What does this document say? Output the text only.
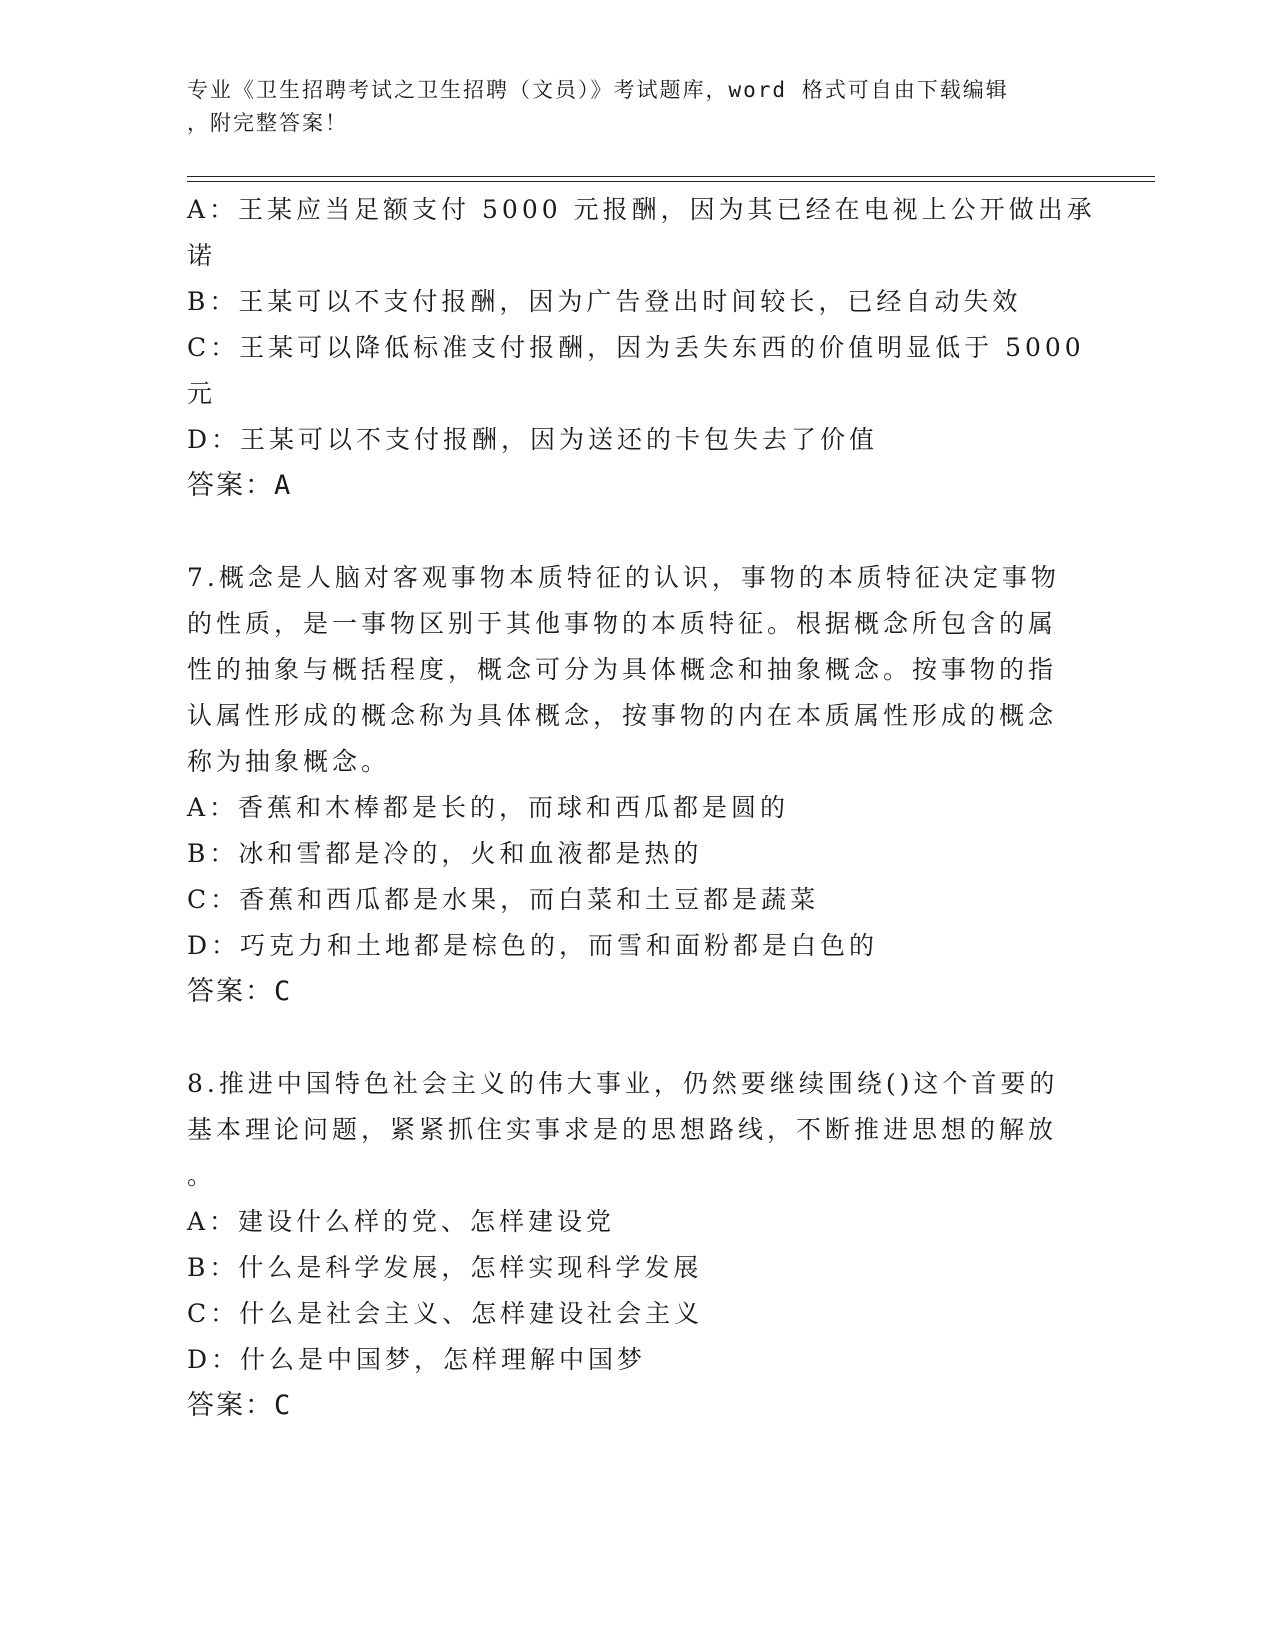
专业《卫生招聘考试之卫生招聘（文员）》考试题库，word 格式可自由下载编辑
，附完整答案！
A：王某应当足额支付 5000 元报酬，因为其已经在电视上公开做出承
诺
B：王某可以不支付报酬，因为广告登出时间较长，已经自动失效
C：王某可以降低标准支付报酬，因为丢失东西的价值明显低于 5000
元
D：王某可以不支付报酬，因为送还的卡包失去了价值
答案：A
7.概念是人脑对客观事物本质特征的认识，事物的本质特征决定事物
的性质，是一事物区别于其他事物的本质特征。根据概念所包含的属
性的抽象与概括程度，概念可分为具体概念和抽象概念。按事物的指
认属性形成的概念称为具体概念，按事物的内在本质属性形成的概念
称为抽象概念。
A：香蕉和木棒都是长的，而球和西瓜都是圆的
B：冰和雪都是冷的，火和血液都是热的
C：香蕉和西瓜都是水果，而白菜和土豆都是蔬菜
D：巧克力和土地都是棕色的，而雪和面粉都是白色的
答案：C
8.推进中国特色社会主义的伟大事业，仍然要继续围绕()这个首要的
基本理论问题，紧紧抓住实事求是的思想路线，不断推进思想的解放
。
A：建设什么样的党、怎样建设党
B：什么是科学发展，怎样实现科学发展
C：什么是社会主义、怎样建设社会主义
D：什么是中国梦，怎样理解中国梦
答案：C
